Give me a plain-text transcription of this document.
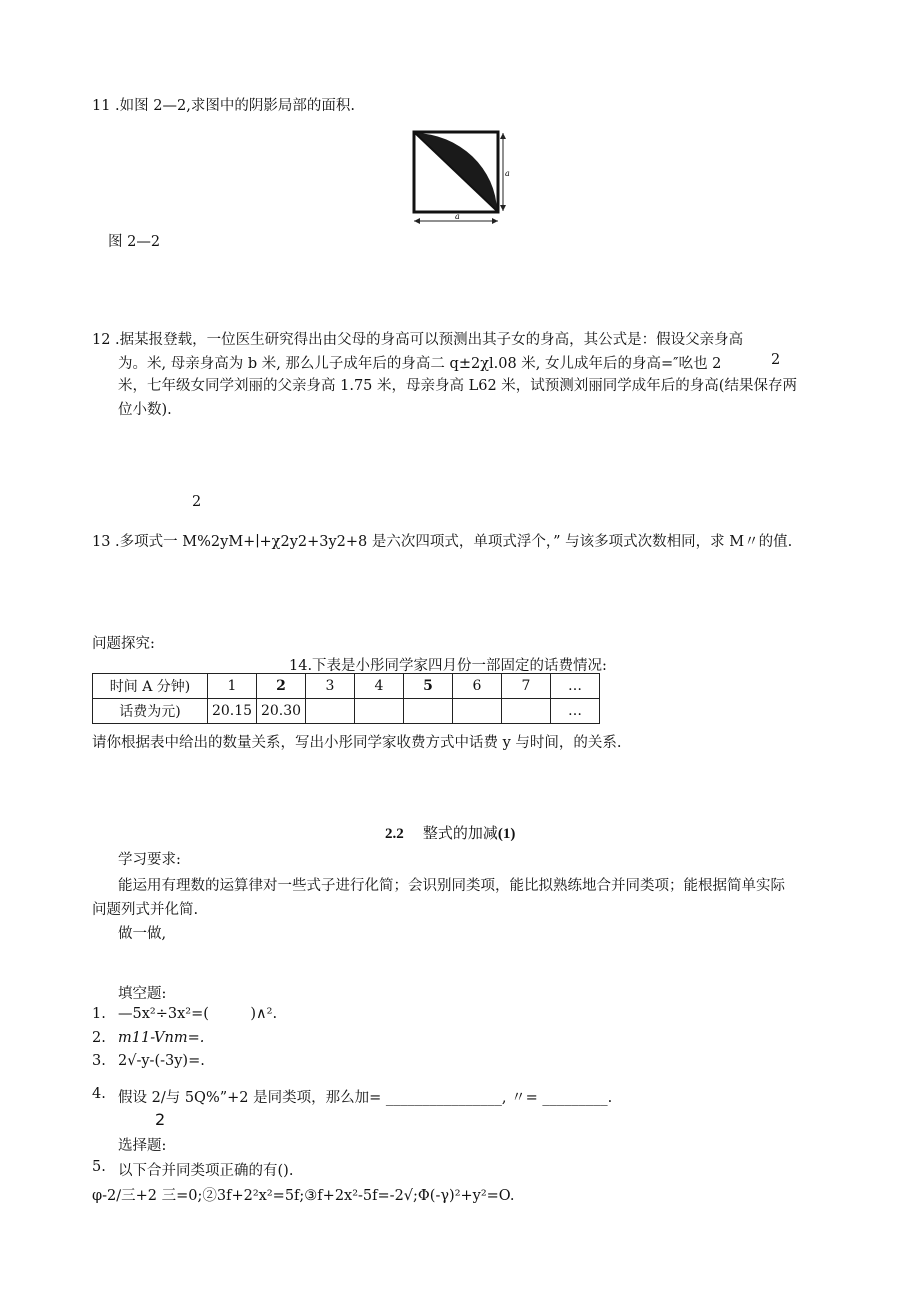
11 .如图 2—2,求图中的阴影局部的面积.
a
a
图 2—2
12 .据某报登载，一位医生研究得出由父母的身高可以预测出其子女的身高，其公式是：假设父亲身高
为。米, 母亲身高为 b 米, 那么儿子成年后的身高二 q±2χl.08 米, 女儿成年后的身高=″吆也 2	2
米，七年级女同学刘丽的父亲身高 1.75 米，母亲身高 L62 米，试预测刘丽同学成年后的身高(结果保存两
位小数).
2
13 .多项式一 M%2yM+∣+χ2y2+3y2+8 是六次四项式，单项式浮个，” 与该多项式次数相同，求 M〃的值.
问题探究:
14.下表是小彤同学家四月份一部固定的话费情况:
时间 A 分钟)	1	2	3	4	5	6	7	…
话费为元)	20.15	20.30						…
请你根据表中给出的数量关系，写出小彤同学家收费方式中话费 y 与时间，的关系.
2.2 整式的加减(1)
学习要求:
能运用有理数的运算律对一些式子进行化简；会识别同类项，能比拟熟练地合并同类项；能根据简单实际
问题列式并化简.
做一做,
填空题:
1. —5x²÷3x²=(         )∧².
2. m11-Vnm=.
3. 2√-y-(-3y)=.
4. 假设 2/与 5Q%”+2 是同类项，那么加= ________________, 〃= _________.
2
选择题:
5. 以下合并同类项正确的有().
φ-2∕三+2 三=0;②3f+2²x²=5f;③f+2x²-5f=-2√;Φ(-γ)²+y²=O.
